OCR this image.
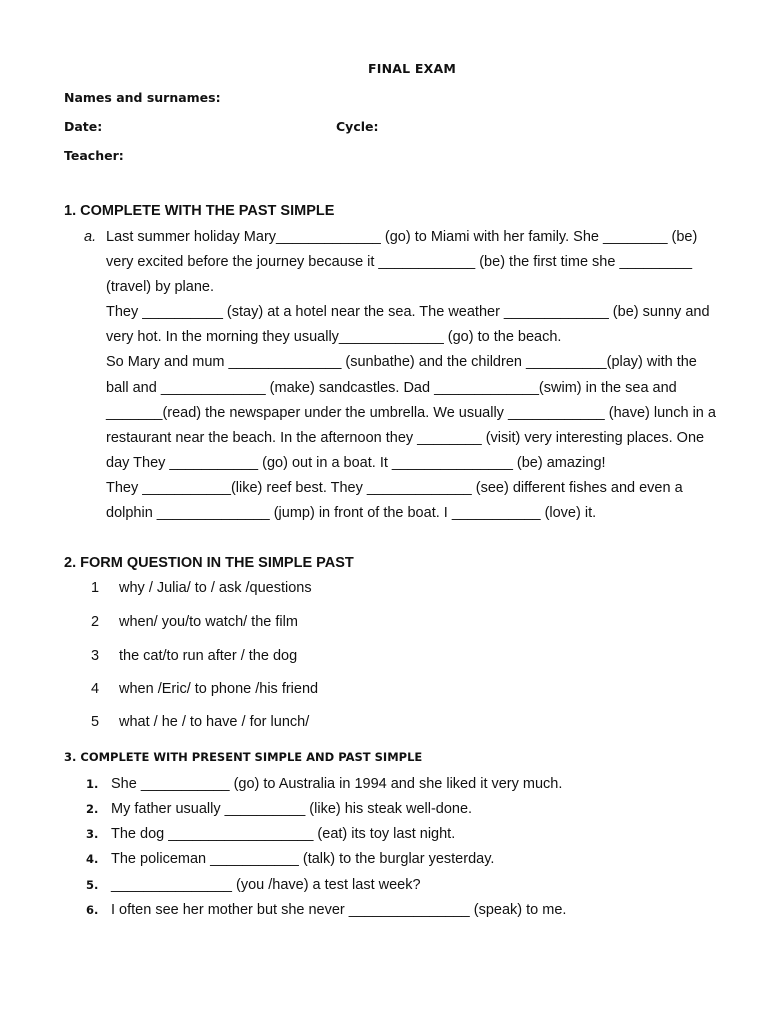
FINAL EXAM
Names and surnames:
Date:	Cycle:
Teacher:
1. COMPLETE WITH THE PAST SIMPLE
a. Last summer holiday Mary_____________ (go) to Miami with her family. She ________ (be)
very excited before the journey because it ____________ (be) the first time she _________
(travel) by plane.
They __________ (stay) at a hotel near the sea. The weather _____________ (be) sunny and
very hot. In the morning they usually_____________ (go) to the beach.
So Mary and mum ______________ (sunbathe) and the children __________(play) with the
ball and _____________ (make) sandcastles. Dad _____________(swim) in the sea and
_______(read) the newspaper under the umbrella. We usually ____________ (have) lunch in a
restaurant near the beach. In the afternoon they ________ (visit) very interesting places. One
day They ___________ (go) out in a boat. It _______________ (be) amazing!
They ___________(like) reef best. They _____________ (see) different fishes and even a
dolphin ______________ (jump) in front of the boat. I ___________ (love) it.
2. FORM QUESTION IN THE SIMPLE PAST
1 why / Julia/ to / ask /questions
2 when/ you/to watch/ the film
3 the cat/to run after / the dog
4 when /Eric/ to phone /his friend
5 what / he / to have / for lunch/
3. COMPLETE WITH PRESENT SIMPLE AND PAST SIMPLE
1. She ___________ (go) to Australia in 1994 and she liked it very much.
2. My father usually __________ (like) his steak well-done.
3. The dog __________________ (eat) its toy last night.
4. The policeman ___________ (talk) to the burglar yesterday.
5. _______________ (you /have) a test last week?
6. I often see her mother but she never _______________ (speak) to me.
